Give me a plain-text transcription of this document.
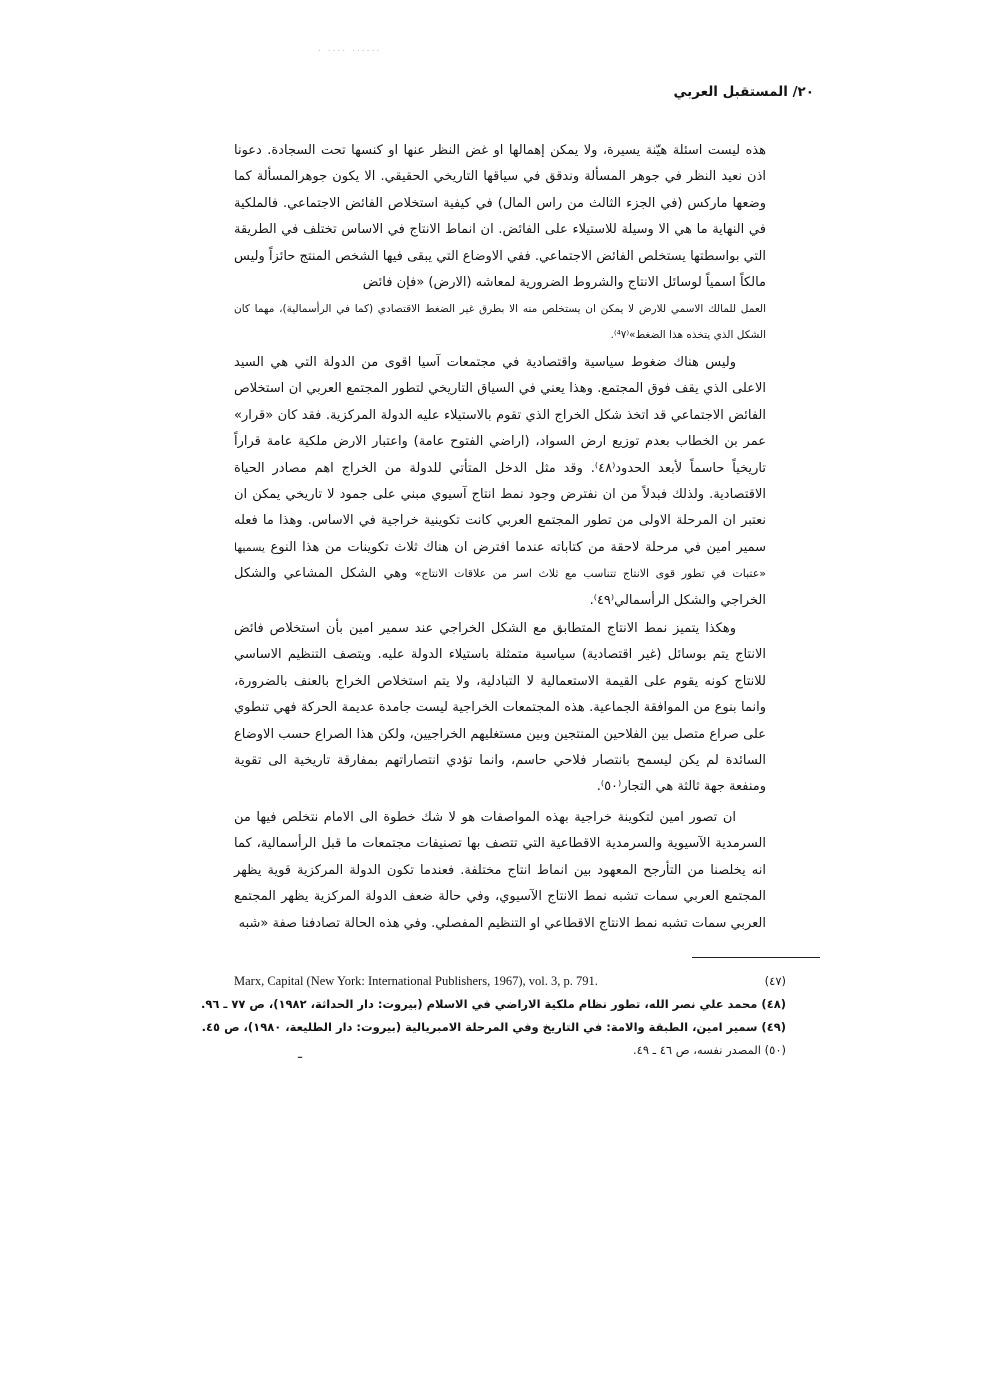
. .... ......
٢٠/ المستقبل العربي
هذه ليست اسئلة هيّنة يسيرة، ولا يمكن إهمالها او غض النظر عنها او كنسها تحت السجادة. دعونا اذن نعيد النظر في جوهر المسألة وندقق في سياقها التاريخي الحقيقي. الا يكون جوهرالمسألة كما وضعها ماركس (في الجزء الثالث من راس المال) في كيفية استخلاص الفائض الاجتماعي. فالملكية في النهاية ما هي الا وسيلة للاستيلاء على الفائض. ان انماط الانتاج في الاساس تختلف في الطريقة التي بواسطتها يستخلص الفائض الاجتماعي. ففي الاوضاع التي يبقى فيها الشخص المنتج حائزاً وليس مالكاً اسمياً لوسائل الانتاج والشروط الضرورية لمعاشه (الارض) «فإن فائض
العمل للمالك الاسمي للارض لا يمكن ان يستخلص منه الا بطرق غير الضغط الاقتصادي (كما في الرأسمالية)، مهما كان الشكل الذي يتخذه هذا الضغط»⁽⁴٧⁾.
وليس هناك ضغوط سياسية واقتصادية في مجتمعات آسيا اقوى من الدولة التي هي السيد الاعلى الذي يقف فوق المجتمع. وهذا يعني في السياق التاريخي لتطور المجتمع العربي ان استخلاص الفائض الاجتماعي قد اتخذ شكل الخراج الذي تقوم بالاستيلاء عليه الدولة المركزية. فقد كان «قرار» عمر بن الخطاب بعدم توزيع ارض السواد، (اراضي الفتوح عامة) واعتبار الارض ملكية عامة قراراً تاريخياً حاسماً لأبعد الحدود⁽٤٨⁾. وقد مثل الدخل المتأتي للدولة من الخراج اهم مصادر الحياة الاقتصادية. ولذلك فبدلاً من ان نفترض وجود نمط انتاج آسيوي مبني على جمود لا تاريخي يمكن ان نعتبر ان المرحلة الاولى من تطور المجتمع العربي كانت تكوينية خراجية في الاساس. وهذا ما فعله سمير امين في مرحلة لاحقة من كتاباته عندما افترض ان هناك ثلاث تكوينات من هذا النوع يسميها «عتبات في تطور قوى الانتاج تتناسب مع ثلاث اسر من علاقات الانتاج» وهي الشكل المشاعي والشكل الخراجي والشكل الرأسمالي⁽٤٩⁾.
وهكذا يتميز نمط الانتاج المتطابق مع الشكل الخراجي عند سمير امين بأن استخلاص فائض الانتاج يتم بوسائل (غير اقتصادية) سياسية متمثلة باستيلاء الدولة عليه. ويتصف التنظيم الاساسي للانتاج كونه يقوم على القيمة الاستعمالية لا التبادلية، ولا يتم استخلاص الخراج بالعنف بالضرورة، وانما بنوع من الموافقة الجماعية. هذه المجتمعات الخراجية ليست جامدة عديمة الحركة فهي تنطوي على صراع متصل بين الفلاحين المنتجين وبين مستغليهم الخراجيين، ولكن هذا الصراع حسب الاوضاع السائدة لم يكن ليسمح بانتصار فلاحي حاسم، وانما تؤدي انتصاراتهم بمفارقة تاريخية الى تقوية ومنفعة جهة ثالثة هي التجار⁽٥٠⁾.
ان تصور امين لتكوينة خراجية بهذه المواصفات هو لا شك خطوة الى الامام نتخلص فيها من السرمدية الآسيوية والسرمدية الاقطاعية التي تتصف بها تصنيفات مجتمعات ما قبل الرأسمالية، كما انه يخلصنا من التأرجح المعهود بين انماط انتاج مختلفة. فعندما تكون الدولة المركزية قوية يظهر المجتمع العربي سمات تشبه نمط الانتاج الآسيوي، وفي حالة ضعف الدولة المركزية يظهر المجتمع العربي سمات تشبه نمط الانتاج الاقطاعي او التنظيم المفصلي. وفي هذه الحالة تصادفنا صفة «شبه
Marx, Capital (New York: International Publishers, 1967), vol. 3, p. 791.	(٤٧)
(٤٨) محمد علي نصر الله، تطور نظام ملكية الاراضي في الاسلام (بيروت: دار الحداثة، ١٩٨٢)، ص ٧٧ ـ ٩٦.
(٤٩) سمير امين، الطبقة والامة: في التاريخ وفي المرحلة الامبريالية (بيروت: دار الطليعة، ١٩٨٠)، ص ٤٥.
(٥٠) المصدر نفسه، ص ٤٦ ـ ٤٩.
ـ
